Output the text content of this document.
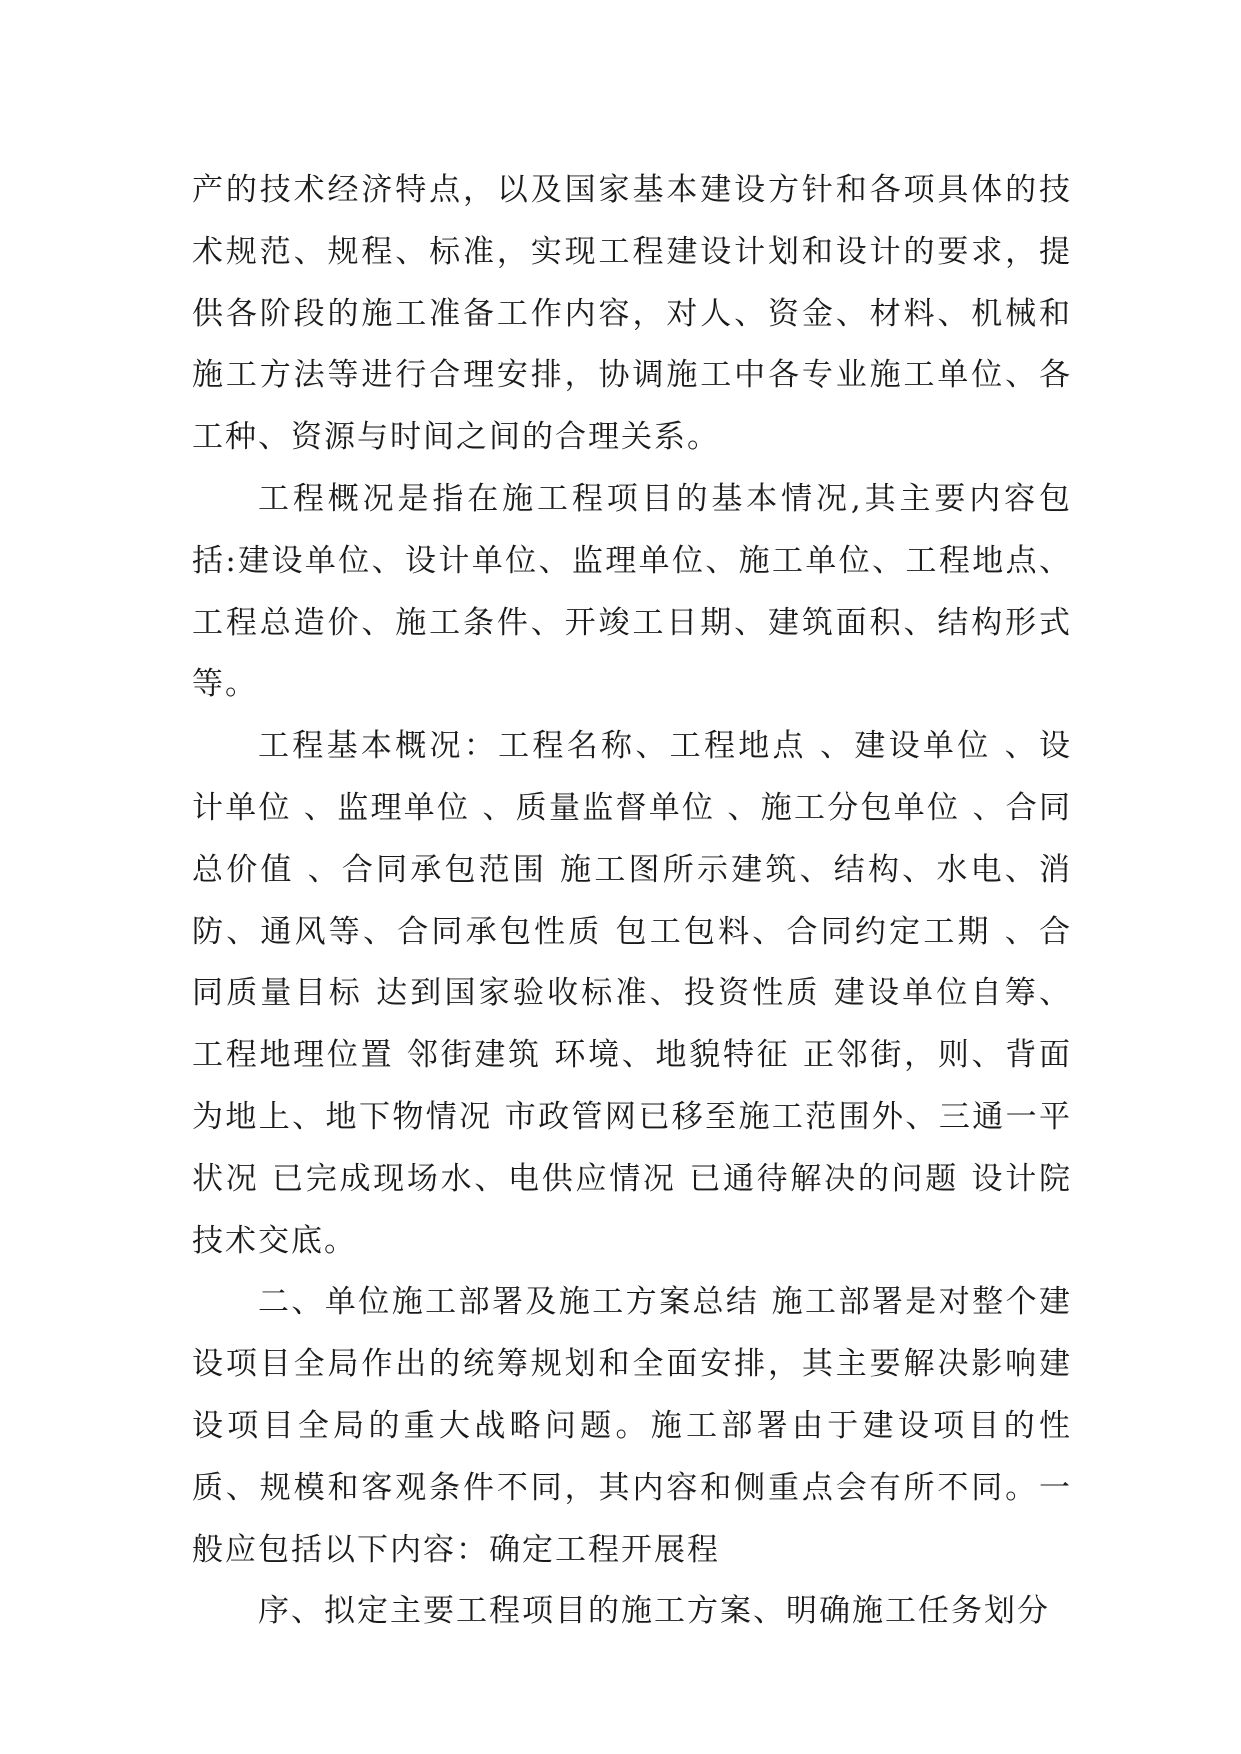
产的技术经济特点，以及国家基本建设方针和各项具体的技术规范、规程、标准，实现工程建设计划和设计的要求，提供各阶段的施工准备工作内容，对人、资金、材料、机械和施工方法等进行合理安排，协调施工中各专业施工单位、各工种、资源与时间之间的合理关系。

工程概况是指在施工程项目的基本情况,其主要内容包括:建设单位、设计单位、监理单位、施工单位、工程地点、工程总造价、施工条件、开竣工日期、建筑面积、结构形式等。

工程基本概况：工程名称、工程地点 、建设单位 、设计单位 、监理单位 、质量监督单位 、施工分包单位 、合同总价值 、合同承包范围 施工图所示建筑、结构、水电、消防、通风等、合同承包性质 包工包料、合同约定工期 、合同质量目标 达到国家验收标准、投资性质 建设单位自筹、工程地理位置 邻街建筑 环境、地貌特征 正邻街，则、背面为地上、地下物情况 市政管网已移至施工范围外、三通一平状况 已完成现场水、电供应情况 已通待解决的问题 设计院技术交底。

二、单位施工部署及施工方案总结 施工部署是对整个建设项目全局作出的统筹规划和全面安排，其主要解决影响建设项目全局的重大战略问题。施工部署由于建设项目的性质、规模和客观条件不同，其内容和侧重点会有所不同。一般应包括以下内容：确定工程开展程

序、拟定主要工程项目的施工方案、明确施工任务划分
